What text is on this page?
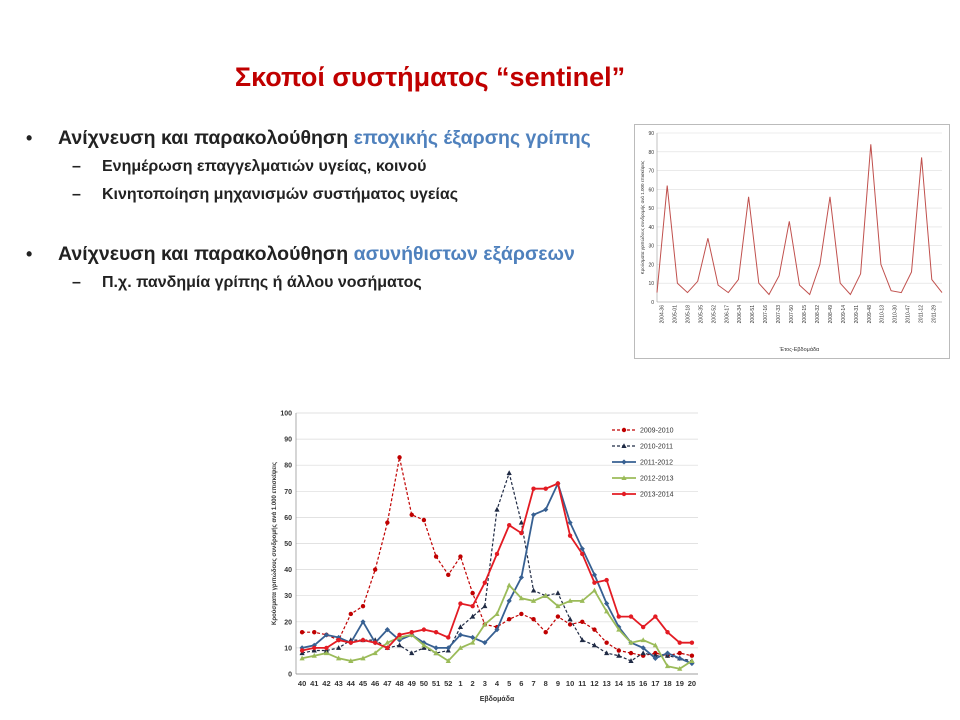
Σκοποί συστήματος “sentinel”
• Ανίχνευση και παρακολούθηση εποχικής έξαρσης γρίπης
– Ενημέρωση επαγγελματιών υγείας, κοινού
– Κινητοποίηση μηχανισμών συστήματος υγείας
• Ανίχνευση και παρακολούθηση ασυνήθιστων εξάρσεων
– Π.χ. πανδημία γρίπης ή άλλου νοσήματος
0
10
20
30
40
50
60
70
80
90
2004-36 2005-01 2005-18 2005-35 2005-52 2006-17 2006-34 2006-51 2007-16 2007-33 2007-50 2008-15 2008-32 2008-49 2009-14 2009-31 2009-48 2010-13 2010-30 2010-47 2011-12 2011-29
Κρούσματα γριπώδους συνδρομής ανά 1.000 επισκέψεις
Έτος-Εβδομάδα
0
10
20
30
40
50
60
70
80
90
100
40 41 42 43 44 45 46 47 48 49 50 51 52 1 2 3 4 5 6 7 8 9 10 11 12 13 14 15 16 17 18 19 20
Κρούσματα γριπώδους συνδρομής ανά 1.000 επισκέψεις
Εβδομάδα
2009-2010
2010-2011
2011-2012
2012-2013
2013-2014
